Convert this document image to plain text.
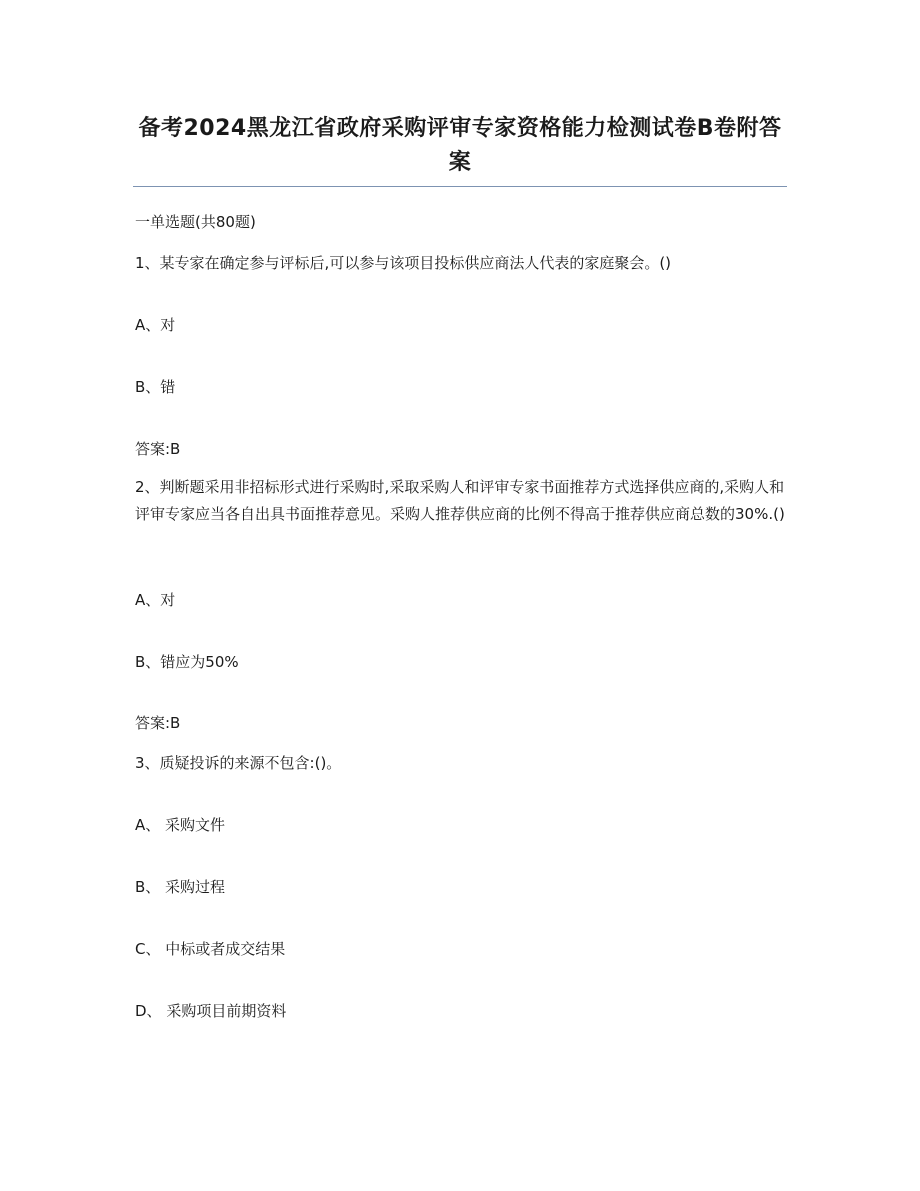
备考2024黑龙江省政府采购评审专家资格能力检测试卷B卷附答案
一单选题(共80题)
1、某专家在确定参与评标后,可以参与该项目投标供应商法人代表的家庭聚会。()
A、对
B、错
答案:B
2、判断题采用非招标形式进行采购时,采取采购人和评审专家书面推荐方式选择供应商的,采购人和评审专家应当各自出具书面推荐意见。采购人推荐供应商的比例不得高于推荐供应商总数的30%.()
A、对
B、错应为50%
答案:B
3、质疑投诉的来源不包含:()。
A、 采购文件
B、 采购过程
C、 中标或者成交结果
D、 采购项目前期资料
